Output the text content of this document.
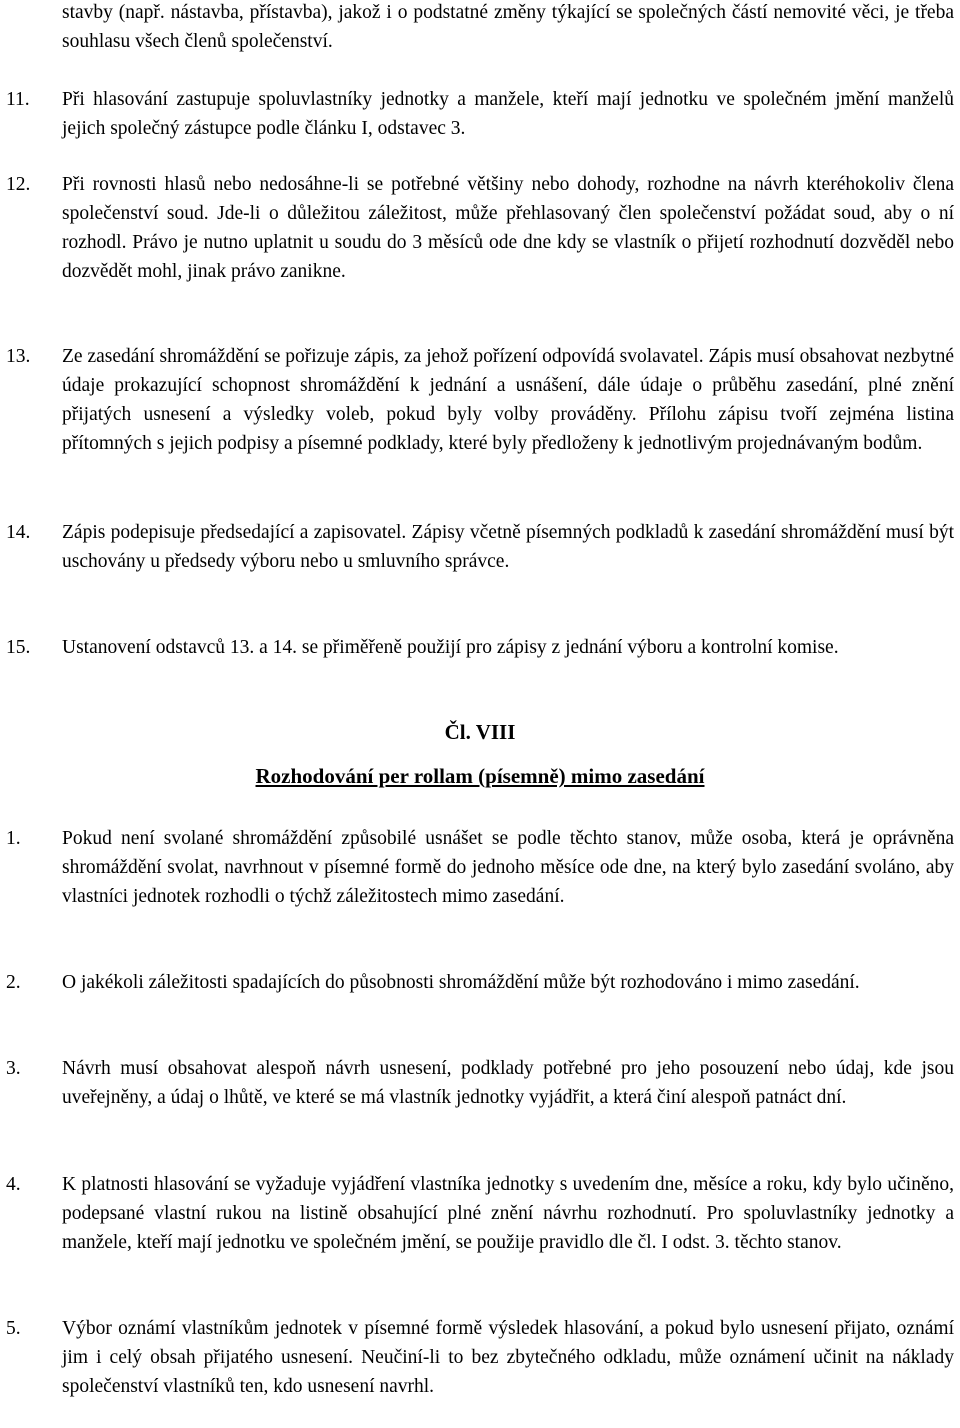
stavby (např. nástavba, přístavba), jakož i o podstatné změny týkající se společných částí nemovité věci, je třeba souhlasu všech členů společenství.
11. Při hlasování zastupuje spoluvlastníky jednotky a manžele, kteří mají jednotku ve společném jmění manželů jejich společný zástupce podle článku I, odstavec 3.
12. Při rovnosti hlasů nebo nedosáhne-li se potřebné většiny nebo dohody, rozhodne na návrh kteréhokoliv člena společenství soud. Jde-li o důležitou záležitost, může přehlasovaný člen společenství požádat soud, aby o ní rozhodl. Právo je nutno uplatnit u soudu do 3 měsíců ode dne kdy se vlastník o přijetí rozhodnutí dozvěděl nebo dozvědět mohl, jinak právo zanikne.
13. Ze zasedání shromáždění se pořizuje zápis, za jehož pořízení odpovídá svolavatel. Zápis musí obsahovat nezbytné údaje prokazující schopnost shromáždění k jednání a usnášení, dále údaje o průběhu zasedání, plné znění přijatých usnesení a výsledky voleb, pokud byly volby prováděny. Přílohu zápisu tvoří zejména listina přítomných s jejich podpisy a písemné podklady, které byly předloženy k jednotlivým projednávaným bodům.
14. Zápis podepisuje předsedající a zapisovatel. Zápisy včetně písemných podkladů k zasedání shromáždění musí být uschovány u předsedy výboru nebo u smluvního správce.
15. Ustanovení odstavců 13. a 14. se přiměřeně použijí pro zápisy z jednání výboru a kontrolní komise.
Čl. VIII
Rozhodování per rollam (písemně) mimo zasedání
1. Pokud není svolané shromáždění způsobilé usnášet se podle těchto stanov, může osoba, která je oprávněna shromáždění svolat, navrhnout v písemné formě do jednoho měsíce ode dne, na který bylo zasedání svoláno, aby vlastníci jednotek rozhodli o týchž záležitostech mimo zasedání.
2. O jakékoli záležitosti spadajících do působnosti shromáždění může být rozhodováno i mimo zasedání.
3. Návrh musí obsahovat alespoň návrh usnesení, podklady potřebné pro jeho posouzení nebo údaj, kde jsou uveřejněny, a údaj o lhůtě, ve které se má vlastník jednotky vyjádřit, a která činí alespoň patnáct dní.
4. K platnosti hlasování se vyžaduje vyjádření vlastníka jednotky s uvedením dne, měsíce a roku, kdy bylo učiněno, podepsané vlastní rukou na listině obsahující plné znění návrhu rozhodnutí. Pro spoluvlastníky jednotky a manžele, kteří mají jednotku ve společném jmění, se použije pravidlo dle čl. I odst. 3. těchto stanov.
5. Výbor oznámí vlastníkům jednotek v písemné formě výsledek hlasování, a pokud bylo usnesení přijato, oznámí jim i celý obsah přijatého usnesení. Neučiní-li to bez zbytečného odkladu, může oznámení učinit na náklady společenství vlastníků ten, kdo usnesení navrhl.
